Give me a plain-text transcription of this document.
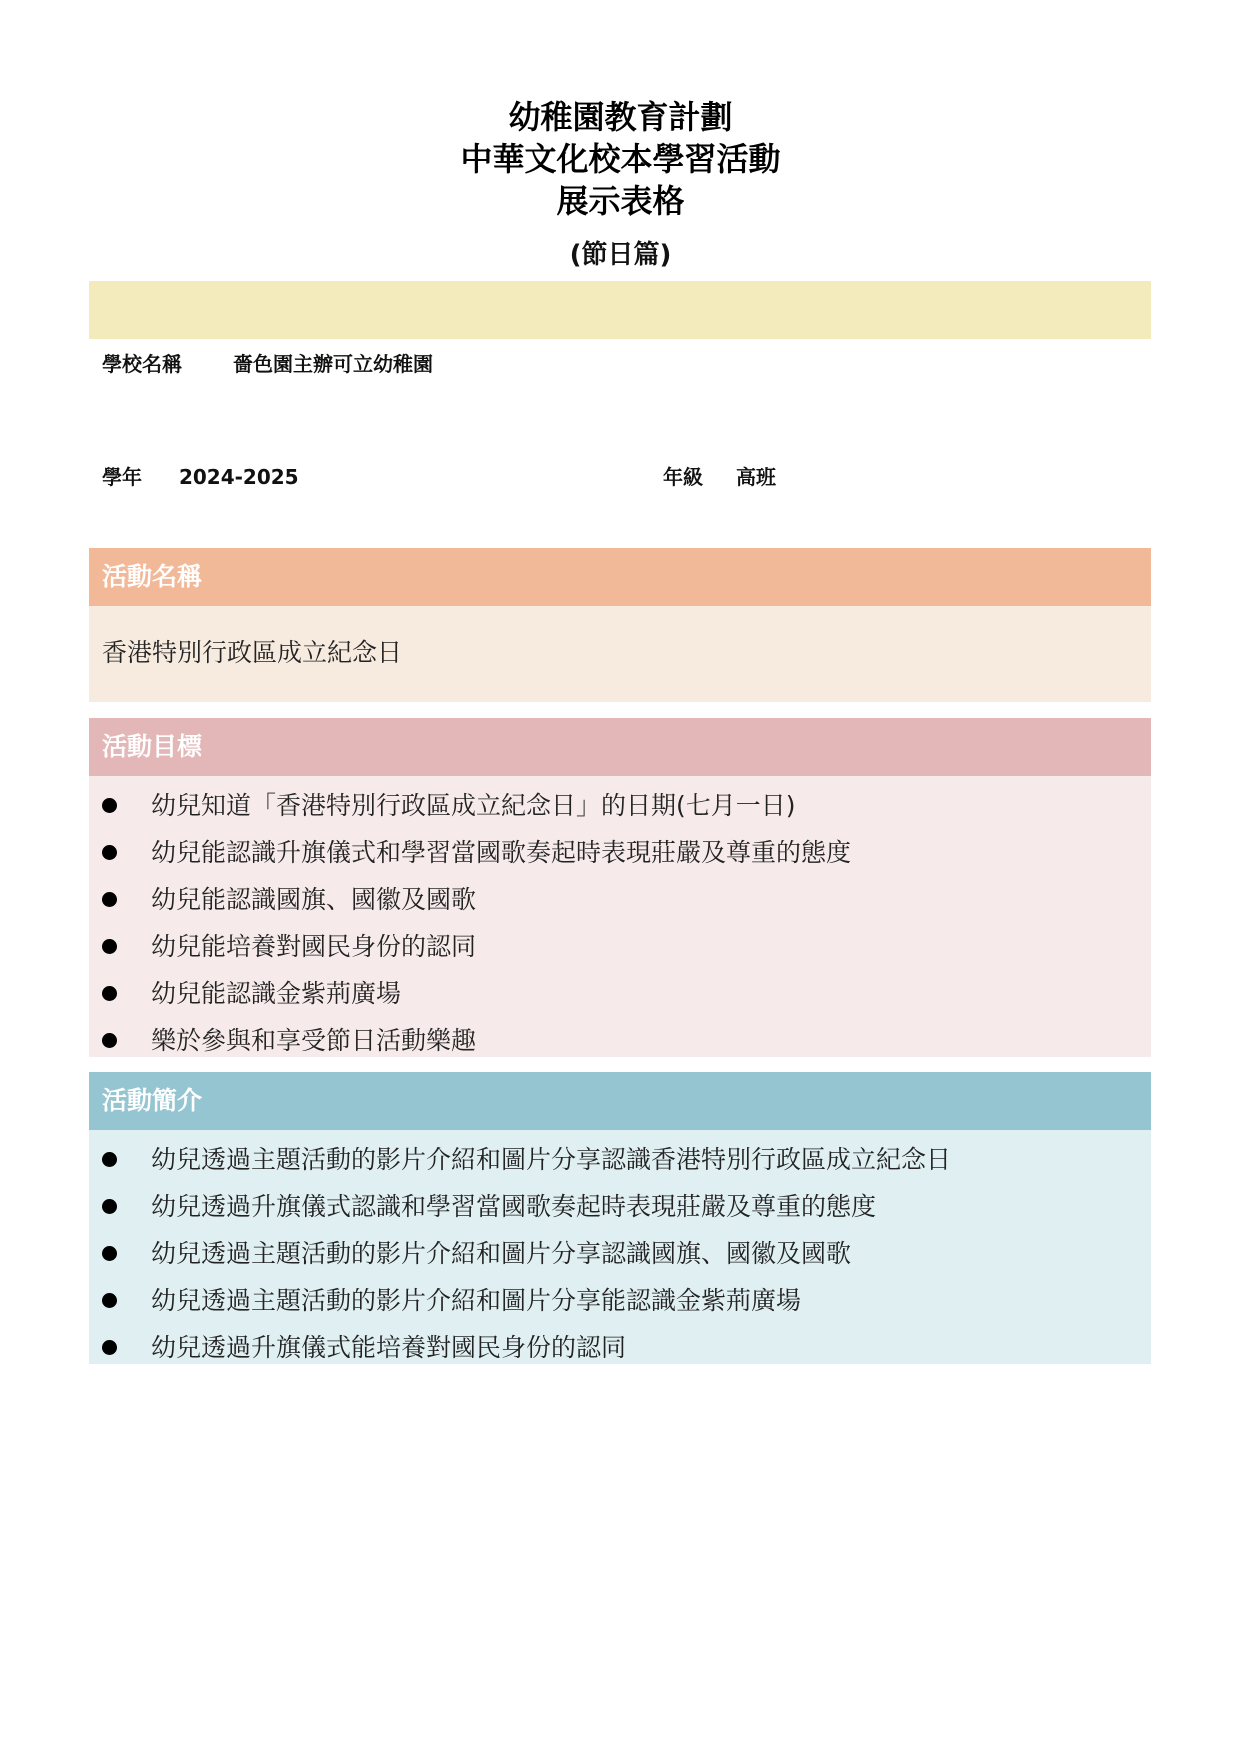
幼稚園教育計劃
中華文化校本學習活動
展示表格
(節日篇)
學校名稱	嗇色園主辦可立幼稚園
學年 2024-2025	年級 高班
活動名稱
香港特別行政區成立紀念日
活動目標
幼兒知道「香港特別行政區成立紀念日」的日期(七月一日)
幼兒能認識升旗儀式和學習當國歌奏起時表現莊嚴及尊重的態度
幼兒能認識國旗、國徽及國歌
幼兒能培養對國民身份的認同
幼兒能認識金紫荊廣場
樂於參與和享受節日活動樂趣
活動簡介
幼兒透過主題活動的影片介紹和圖片分享認識香港特別行政區成立紀念日
幼兒透過升旗儀式認識和學習當國歌奏起時表現莊嚴及尊重的態度
幼兒透過主題活動的影片介紹和圖片分享認識國旗、國徽及國歌
幼兒透過主題活動的影片介紹和圖片分享能認識金紫荊廣場
幼兒透過升旗儀式能培養對國民身份的認同
